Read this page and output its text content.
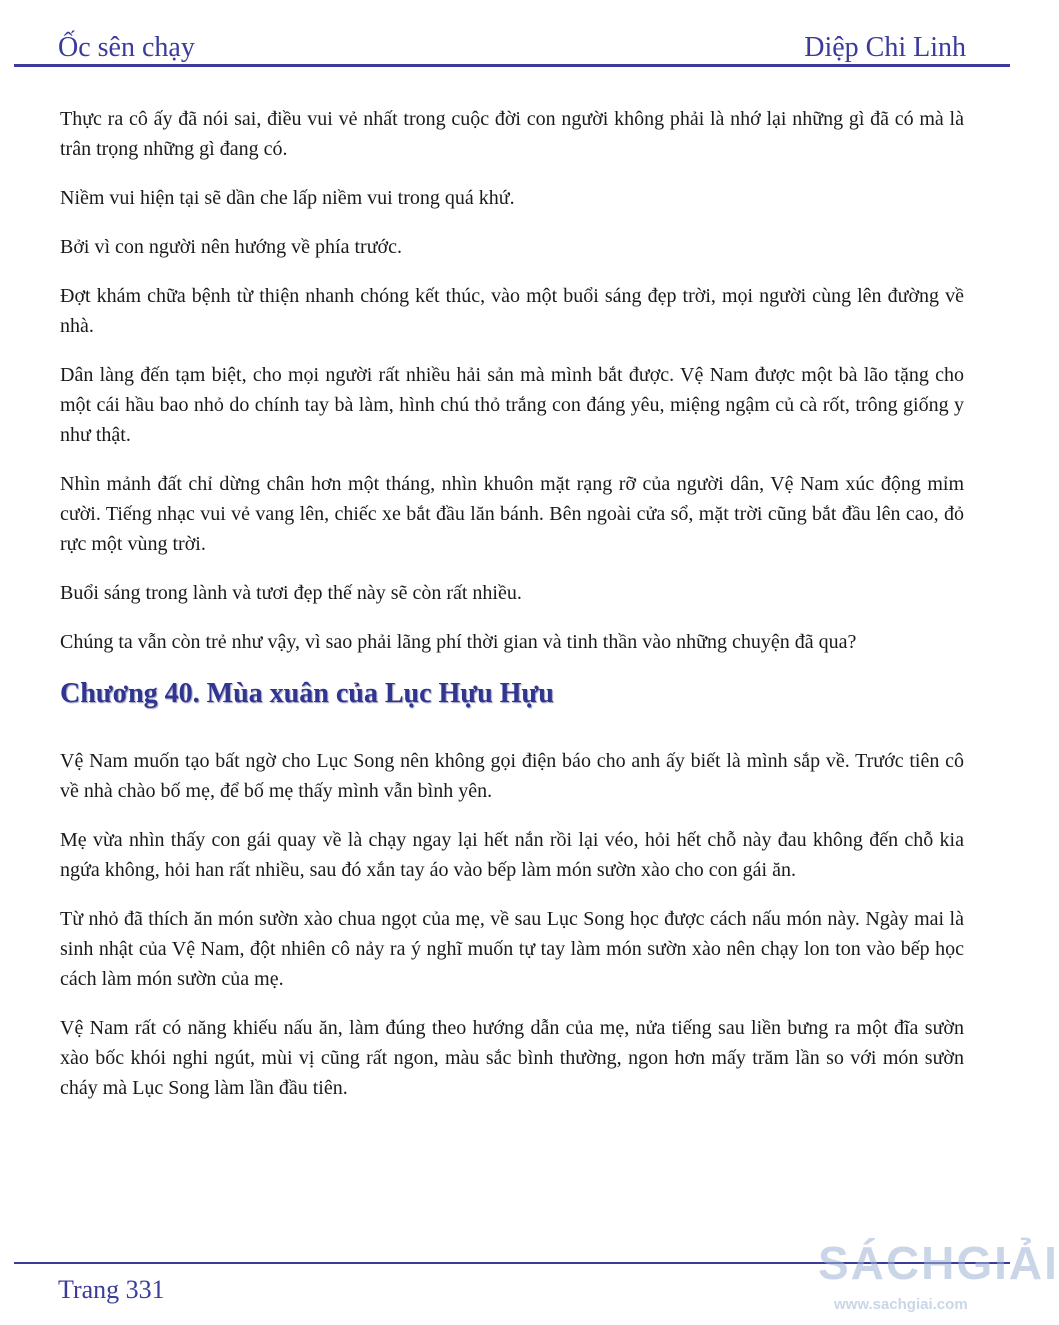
Ốc sên chạy	Diệp Chi Linh

Thực ra cô ấy đã nói sai, điều vui vẻ nhất trong cuộc đời con người không phải là nhớ lại những gì đã có mà là trân trọng những gì đang có.

Niềm vui hiện tại sẽ dần che lấp niềm vui trong quá khứ.

Bởi vì con người nên hướng về phía trước.

Đợt khám chữa bệnh từ thiện nhanh chóng kết thúc, vào một buổi sáng đẹp trời, mọi người cùng lên đường về nhà.

Dân làng đến tạm biệt, cho mọi người rất nhiều hải sản mà mình bắt được. Vệ Nam được một bà lão tặng cho một cái hầu bao nhỏ do chính tay bà làm, hình chú thỏ trắng con đáng yêu, miệng ngậm củ cà rốt, trông giống y như thật.

Nhìn mảnh đất chỉ dừng chân hơn một tháng, nhìn khuôn mặt rạng rỡ của người dân, Vệ Nam xúc động mỉm cười. Tiếng nhạc vui vẻ vang lên, chiếc xe bắt đầu lăn bánh. Bên ngoài cửa sổ, mặt trời cũng bắt đầu lên cao, đỏ rực một vùng trời.

Buổi sáng trong lành và tươi đẹp thế này sẽ còn rất nhiều.

Chúng ta vẫn còn trẻ như vậy, vì sao phải lãng phí thời gian và tinh thần vào những chuyện đã qua?

Chương 40. Mùa xuân của Lục Hựu Hựu

Vệ Nam muốn tạo bất ngờ cho Lục Song nên không gọi điện báo cho anh ấy biết là mình sắp về. Trước tiên cô về nhà chào bố mẹ, để bố mẹ thấy mình vẫn bình yên.

Mẹ vừa nhìn thấy con gái quay về là chạy ngay lại hết nắn rồi lại véo, hỏi hết chỗ này đau không đến chỗ kia ngứa không, hỏi han rất nhiều, sau đó xắn tay áo vào bếp làm món sườn xào cho con gái ăn.

Từ nhỏ đã thích ăn món sườn xào chua ngọt của mẹ, về sau Lục Song học được cách nấu món này. Ngày mai là sinh nhật của Vệ Nam, đột nhiên cô nảy ra ý nghĩ muốn tự tay làm món sườn xào nên chạy lon ton vào bếp học cách làm món sườn của mẹ.

Vệ Nam rất có năng khiếu nấu ăn, làm đúng theo hướng dẫn của mẹ, nửa tiếng sau liền bưng ra một đĩa sườn xào bốc khói nghi ngút, mùi vị cũng rất ngon, màu sắc bình thường, ngon hơn mấy trăm lần so với món sườn cháy mà Lục Song làm lần đầu tiên.

Trang 331
SÁCHGIẢI
www.sachgiai.com
